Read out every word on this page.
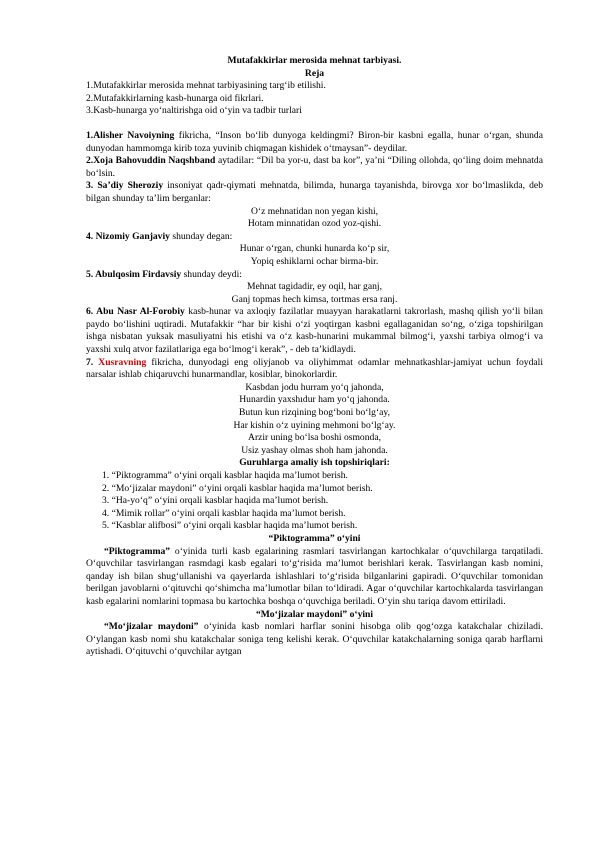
Mutafakkirlar merosida mehnat tarbiyasi.

Reja

1.Mutafakkirlar merosida mehnat tarbiyasining targ‘ib etilishi.

2.Mutafakkirlarning kasb-hunarga oid fikrlari.

3.Kasb-hunarga yo‘naltirishga oid o‘yin va tadbir turlari

1.Alisher Navoiyning fikricha, “Inson bo‘lib dunyoga keldingmi? Biron-bir kasbni egalla, hunar o‘rgan, shunda dunyodan hammomga kirib toza yuvinib chiqmagan kishidek o‘tmaysan”- deydilar.

2.Xoja Bahovuddin Naqshband aytadilar: “Dil ba yor-u, dast ba kor”, ya’ni “Diling ollohda, qo‘ling doim mehnatda bo‘lsin.

3. Sa’diy Sheroziy insoniyat qadr-qiymati mehnatda, bilimda, hunarga tayanishda, birovga xor bo‘lmaslikda, deb bilgan shunday ta’lim berganlar:

O‘z mehnatidan non yegan kishi,

Hotam minnatidan ozod yoz-qishi.

4. Nizomiy Ganjaviy shunday degan:

Hunar o‘rgan, chunki hunarda ko‘p sir,

Yopiq eshiklarni ochar birma-bir.

5. Abulqosim Firdavsiy shunday deydi:

Mehnat tagidadir, ey oqil, har ganj,

Ganj topmas hech kimsa, tortmas ersa ranj.

6. Abu Nasr Al-Forobiy kasb-hunar va axloqiy fazilatlar muayyan harakatlarni takrorlash, mashq qilish yo‘li bilan paydo bo‘lishini uqtiradi. Mutafakkir “har bir kishi o‘zi yoqtirgan kasbni egallaganidan so‘ng, o‘ziga topshirilgan ishga nisbatan yuksak masuliyatni his etishi va o‘z kasb-hunarini mukammal bilmog‘i, yaxshi tarbiya olmog‘i va yaxshi xulq atvor fazilatlariga ega bo‘lmog‘i kerak”, - deb ta’kidlaydi.

7. Xusravning fikricha, dunyodagi eng oliyjanob va oliyhimmat odamlar mehnatkashlar-jamiyat uchun foydali narsalar ishlab chiqaruvchi hunarmandlar, kosiblar, binokorlardir.

Kasbdan jodu hurram yo‘q jahonda,

Hunardin yaxshıdur ham yo‘q jahonda.

Butun kun rizqining bog‘boni bo‘lg‘ay,

Har kishin o‘z uyining mehmoni bo‘lg‘ay.

Arzir uning bo‘lsa boshi osmonda,

Usiz yashay olmas shoh ham jahonda.

Guruhlarga amaliy ish topshiriqlari:

1. “Piktogramma” o‘yini orqali kasblar haqida ma’lumot berish.
2. “Mo‘jizalar maydoni” o‘yini orqali kasblar haqida ma’lumot berish.
3. “Ha-yo‘q” o‘yini orqali kasblar haqida ma’lumot berish.
4. “Mimik rollar” o‘yini orqali kasblar haqida ma’lumot berish.
5. “Kasblar alifbosi” o‘yini orqali kasblar haqida ma’lumot berish.

“Piktogramma” o‘yini

“Piktogramma” o‘yinida turli kasb egalarining rasmlari tasvirlangan kartochkalar o‘quvchilarga tarqatiladi. O‘quvchilar tasvirlangan rasmdagi kasb egalari to‘g‘risida ma’lumot berishlari kerak. Tasvirlangan kasb nomini, qanday ish bilan shug‘ullanishi va qayerlarda ishlashlari to‘g‘risida bilganlarini gapiradi. O‘quvchilar tomonidan berilgan javoblarni o‘qituvchi qo‘shimcha ma’lumotlar bilan to‘ldiradi. Agar o‘quvchilar kartochkalarda tasvirlangan kasb egalarini nomlarini topmasa bu kartochka boshqa o‘quvchiga beriladi. O‘yin shu tariqa davom ettiriladi.

“Mo‘jizalar maydoni” o‘yini

“Mo‘jizalar maydoni” o‘yinida kasb nomlari harflar sonini hisobga olib qog‘ozga katakchalar chiziladi. O‘ylangan kasb nomi shu katakchalar soniga teng kelishi kerak. O‘quvchilar katakchalarning soniga qarab harflarni aytishadi. O‘qituvchi o‘quvchilar aytgan
